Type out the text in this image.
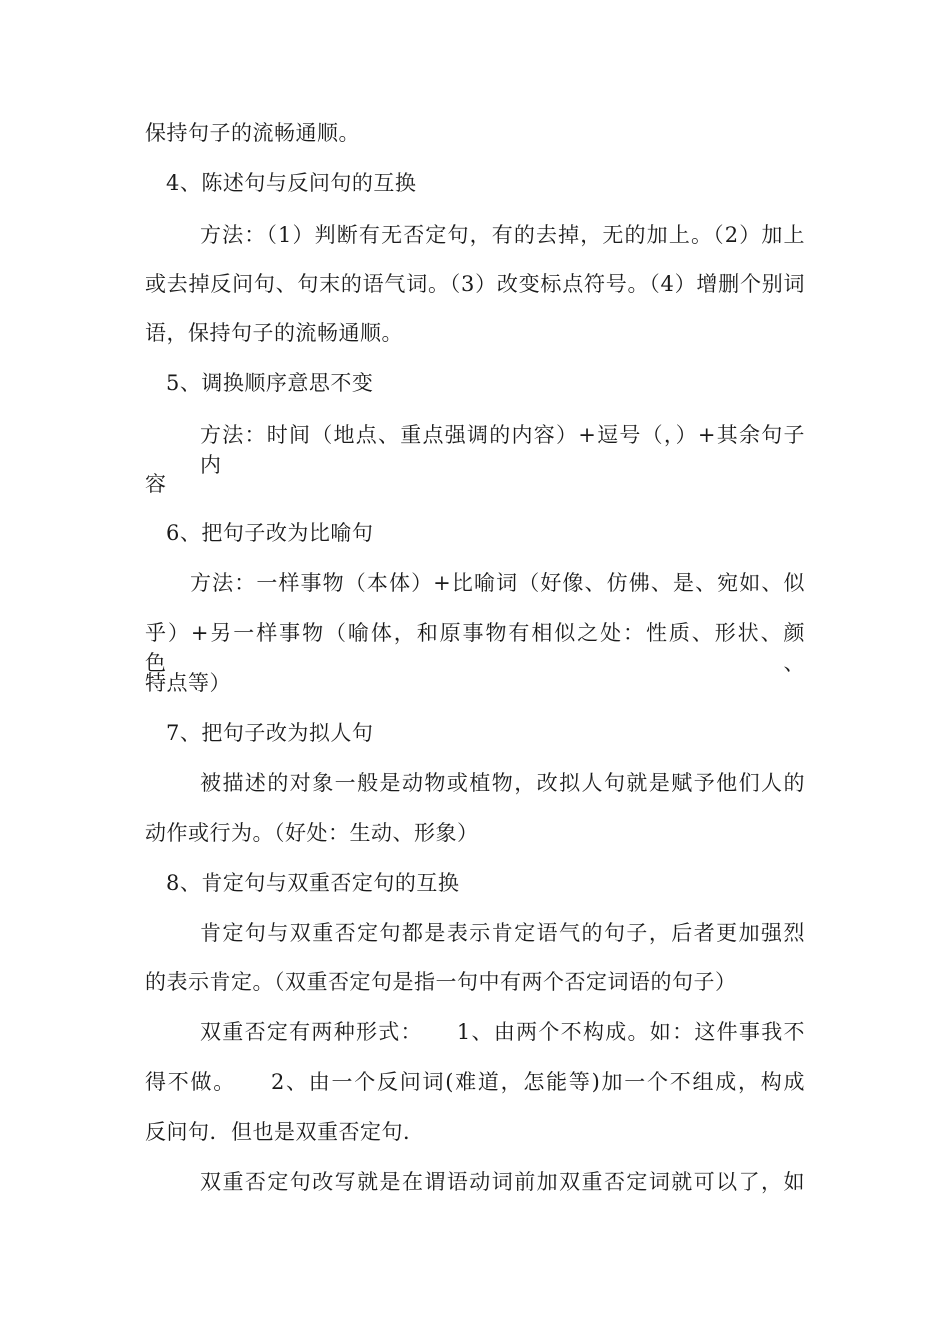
保持句子的流畅通顺。
4、陈述句与反问句的互换
方法：（1）判断有无否定句，有的去掉，无的加上。（2）加上
或去掉反问句、句末的语气词。（3）改变标点符号。（4）增删个别词
语，保持句子的流畅通顺。
5、调换顺序意思不变
方法：时间（地点、重点强调的内容）+逗号（，）+其余句子内
容
6、把句子改为比喻句
方法：一样事物（本体）+比喻词（好像、仿佛、是、宛如、似
乎）+另一样事物（喻体，和原事物有相似之处：性质、形状、颜色、
特点等）
7、把句子改为拟人句
被描述的对象一般是动物或植物，改拟人句就是赋予他们人的
动作或行为。（好处：生动、形象）
8、肯定句与双重否定句的互换
肯定句与双重否定句都是表示肯定语气的句子，后者更加强烈
的表示肯定。（双重否定句是指一句中有两个否定词语的句子）
双重否定有两种形式：　　1、由两个不构成。如：这件事我不
得不做。　　2、由一个反问词(难道，怎能等)加一个不组成，构成
反问句．但也是双重否定句．
双重否定句改写就是在谓语动词前加双重否定词就可以了，如
